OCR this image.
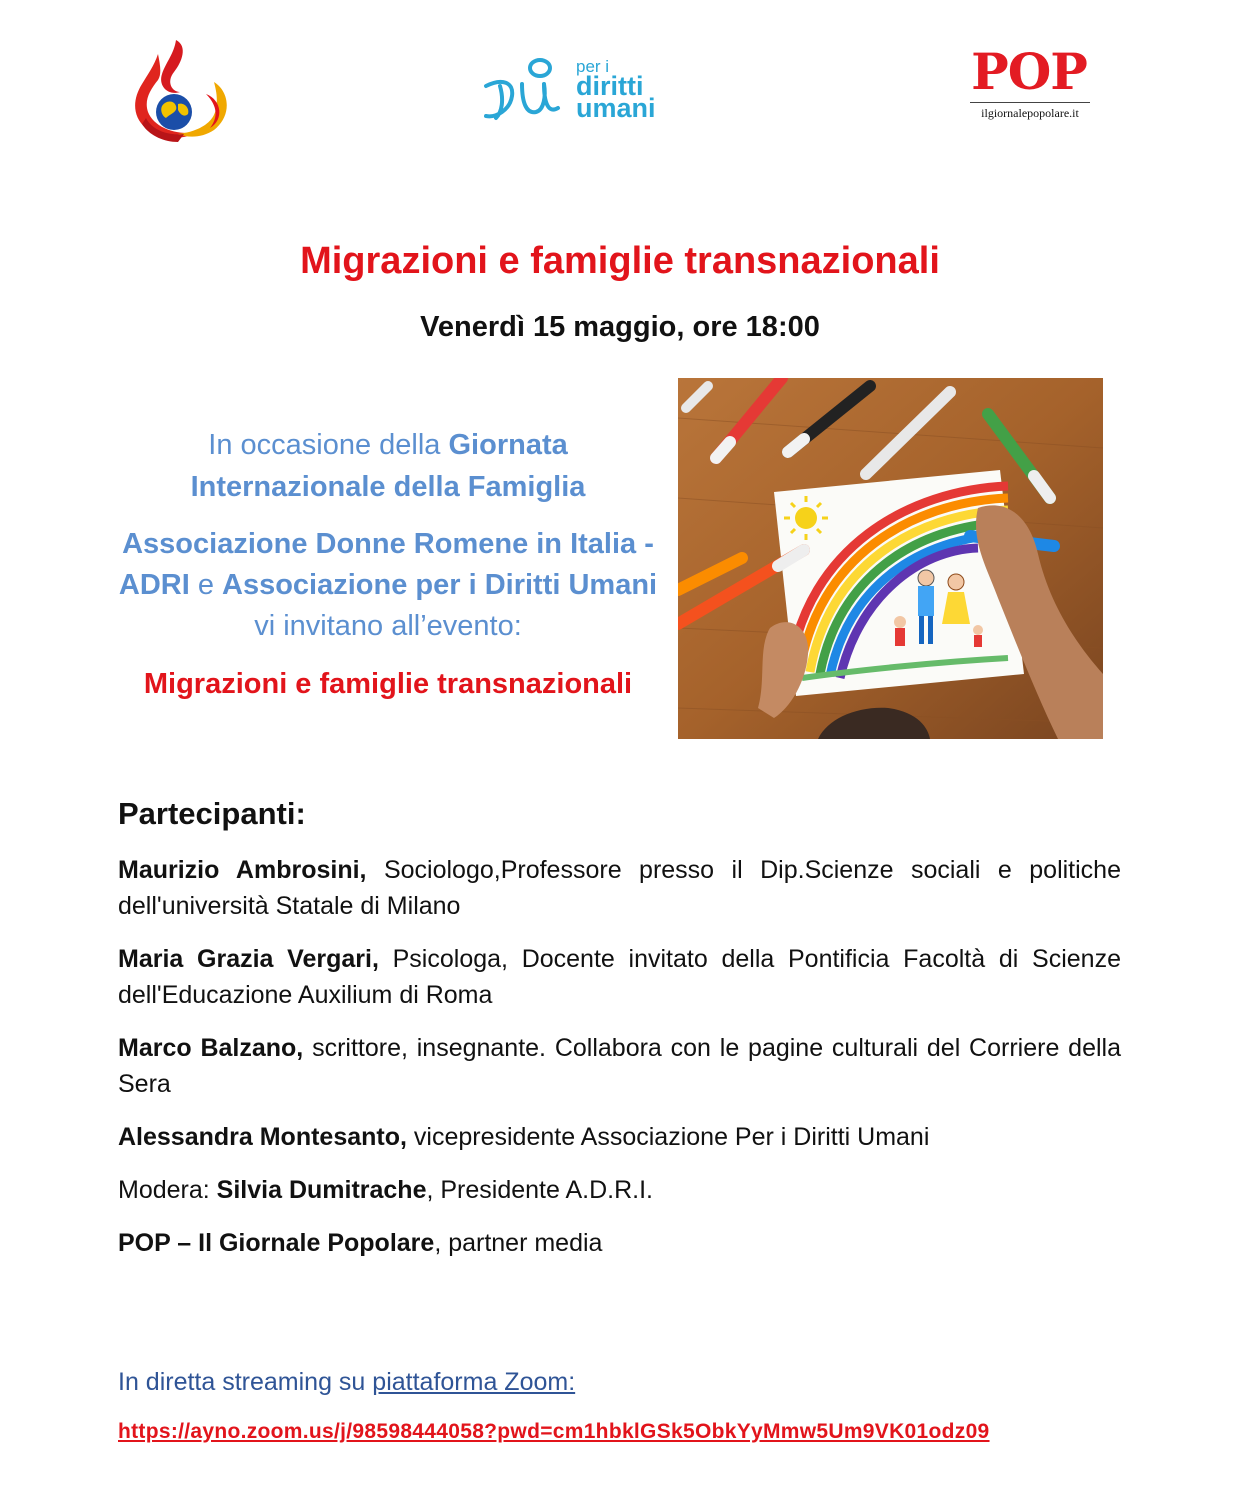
per i
diritti
umani
POP
ilgiornalepopolare.it
Migrazioni e famiglie transnazionali
Venerdì 15 maggio, ore 18:00
In occasione della Giornata Internazionale della Famiglia
Associazione Donne Romene in Italia - ADRI e Associazione per i Diritti Umani vi invitano all’evento:
Migrazioni e famiglie transnazionali
Partecipanti:
Maurizio Ambrosini, Sociologo,Professore presso il Dip.Scienze sociali e politiche dell'università Statale di Milano
Maria Grazia Vergari, Psicologa, Docente invitato della Pontificia Facoltà di Scienze dell'Educazione Auxilium di Roma
Marco Balzano, scrittore, insegnante. Collabora con le pagine culturali del Corriere della Sera
Alessandra Montesanto, vicepresidente Associazione Per i Diritti Umani
Modera: Silvia Dumitrache, Presidente A.D.R.I.
POP – Il Giornale Popolare, partner media
In diretta streaming su piattaforma Zoom:
https://ayno.zoom.us/j/98598444058?pwd=cm1hbklGSk5ObkYyMmw5Um9VK01odz09
